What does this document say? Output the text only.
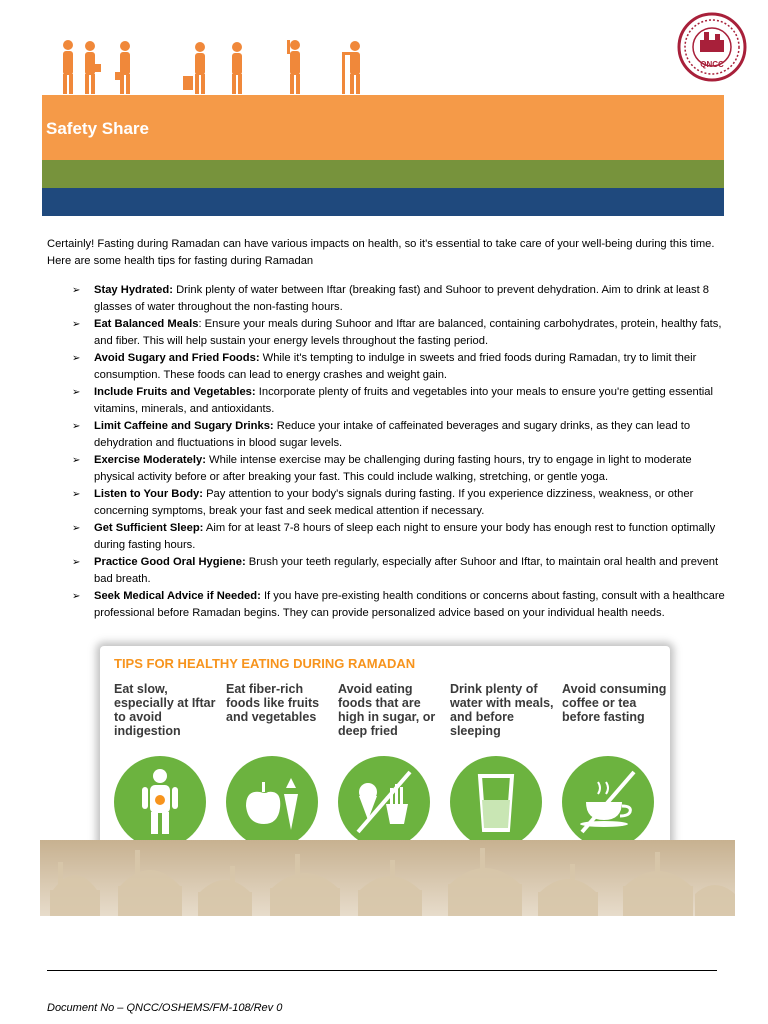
QNCC
Safety Share

Certainly! Fasting during Ramadan can have various impacts on health, so it's essential to take care of your well-being during this time. Here are some health tips for fasting during Ramadan

➢ Stay Hydrated: Drink plenty of water between Iftar (breaking fast) and Suhoor to prevent dehydration. Aim to drink at least 8 glasses of water throughout the non-fasting hours.
➢ Eat Balanced Meals: Ensure your meals during Suhoor and Iftar are balanced, containing carbohydrates, protein, healthy fats, and fiber. This will help sustain your energy levels throughout the fasting period.
➢ Avoid Sugary and Fried Foods: While it's tempting to indulge in sweets and fried foods during Ramadan, try to limit their consumption. These foods can lead to energy crashes and weight gain.
➢ Include Fruits and Vegetables: Incorporate plenty of fruits and vegetables into your meals to ensure you're getting essential vitamins, minerals, and antioxidants.
➢ Limit Caffeine and Sugary Drinks: Reduce your intake of caffeinated beverages and sugary drinks, as they can lead to dehydration and fluctuations in blood sugar levels.
➢ Exercise Moderately: While intense exercise may be challenging during fasting hours, try to engage in light to moderate physical activity before or after breaking your fast. This could include walking, stretching, or gentle yoga.
➢ Listen to Your Body: Pay attention to your body's signals during fasting. If you experience dizziness, weakness, or other concerning symptoms, break your fast and seek medical attention if necessary.
➢ Get Sufficient Sleep: Aim for at least 7-8 hours of sleep each night to ensure your body has enough rest to function optimally during fasting hours.
➢ Practice Good Oral Hygiene: Brush your teeth regularly, especially after Suhoor and Iftar, to maintain oral health and prevent bad breath.
➢ Seek Medical Advice if Needed: If you have pre-existing health conditions or concerns about fasting, consult with a healthcare professional before Ramadan begins. They can provide personalized advice based on your individual health needs.
TIPS FOR HEALTHY EATING DURING RAMADAN
Eat slow, especially at Iftar to avoid indigestion
Eat fiber-rich foods like fruits and vegetables
Avoid eating foods that are high in sugar, or deep fried
Drink plenty of water with meals, and before sleeping
Avoid consuming coffee or tea before fasting
Document No – QNCC/OSHEMS/FM-108/Rev 0
